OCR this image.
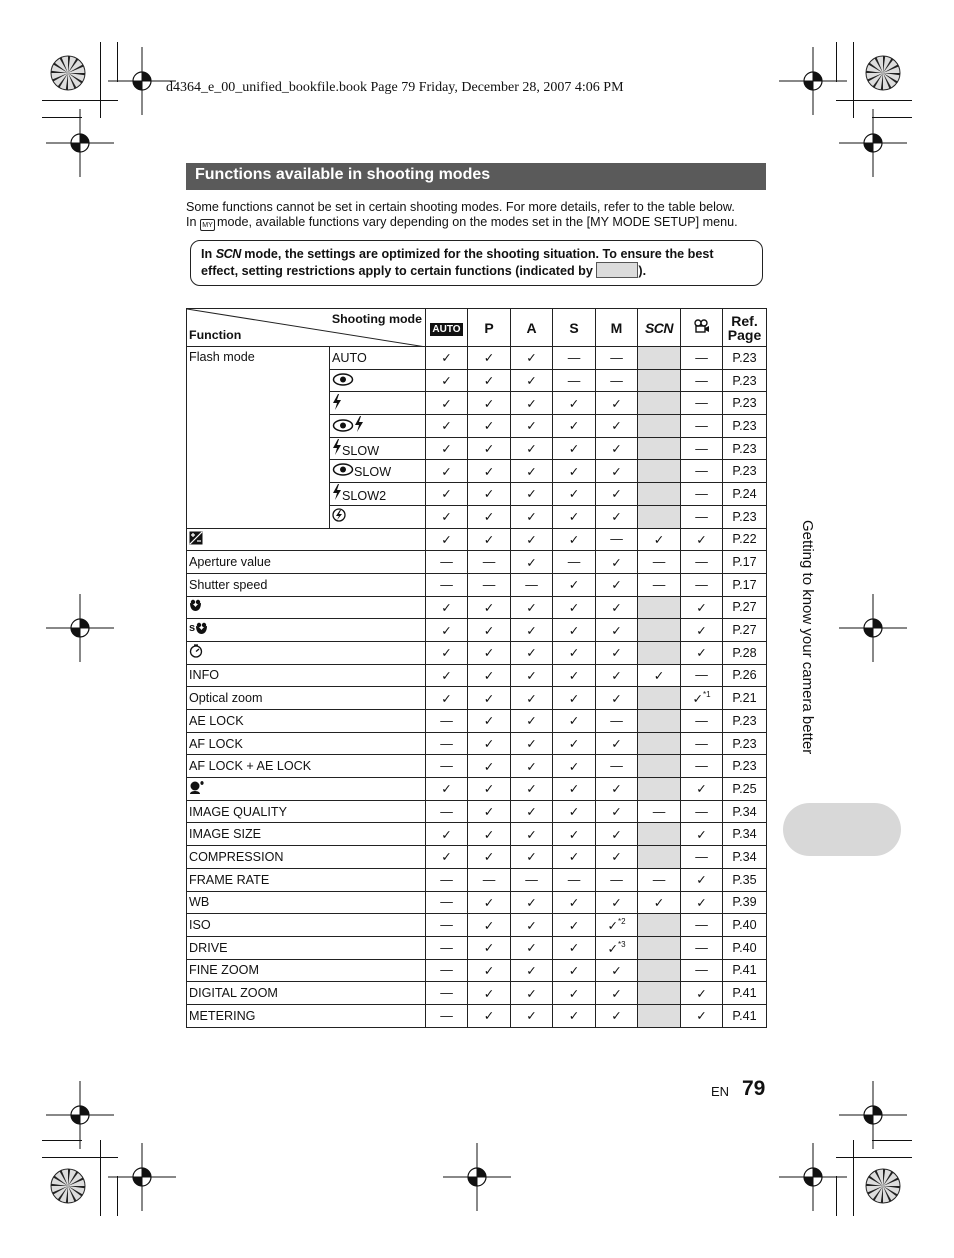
d4364_e_00_unified_bookfile.book Page 79 Friday, December 28, 2007 4:06 PM
Functions available in shooting modes
Some functions cannot be set in certain shooting modes. For more details, refer to the table below.
In MY mode, available functions vary depending on the modes set in the [MY MODE SETUP] menu.
In SCN mode, the settings are optimized for the shooting situation. To ensure the best effect, setting restrictions apply to certain functions (indicated by	).
Shooting mode
Function		AUTO	P	A	S	M	SCN		Ref. Page
Flash mode	AUTO	✓	✓	✓	—	—		—	P.23
	✓	✓	✓	—	—		—	P.23
	✓	✓	✓	✓	✓		—	P.23
	✓	✓	✓	✓	✓		—	P.23
	SLOW	✓	✓	✓	✓	✓		—	P.23
	SLOW	✓	✓	✓	✓	✓		—	P.23
	SLOW2	✓	✓	✓	✓	✓		—	P.24
	✓	✓	✓	✓	✓		—	P.23
	✓	✓	✓	✓	—	✓	✓	P.22
Aperture value		—	—	✓	—	✓	—	—	P.17
Shutter speed		—	—	—	✓	✓	—	—	P.17
	✓	✓	✓	✓	✓		✓	P.27
s		✓	✓	✓	✓	✓		✓	P.27
	✓	✓	✓	✓	✓		✓	P.28
INFO		✓	✓	✓	✓	✓	✓	—	P.26
Optical zoom		✓	✓	✓	✓	✓		✓$^{*1}$	P.21
AE LOCK		—	✓	✓	✓	—		—	P.23
AF LOCK		—	✓	✓	✓	✓		—	P.23
AF LOCK + AE LOCK		—	✓	✓	✓	—		—	P.23
	✓	✓	✓	✓	✓		✓	P.25
IMAGE QUALITY		—	✓	✓	✓	✓	—	—	P.34
IMAGE SIZE		✓	✓	✓	✓	✓		✓	P.34
COMPRESSION		✓	✓	✓	✓	✓		—	P.34
FRAME RATE		—	—	—	—	—	—	✓	P.35
WB		—	✓	✓	✓	✓	✓	✓	P.39
ISO		—	✓	✓	✓	✓$^{*2}$		—	P.40
DRIVE		—	✓	✓	✓	✓$^{*3}$		—	P.40
FINE ZOOM		—	✓	✓	✓	✓		—	P.41
DIGITAL ZOOM		—	✓	✓	✓	✓		✓	P.41
METERING		—	✓	✓	✓	✓		✓	P.41
Getting to know your camera better
EN 79
